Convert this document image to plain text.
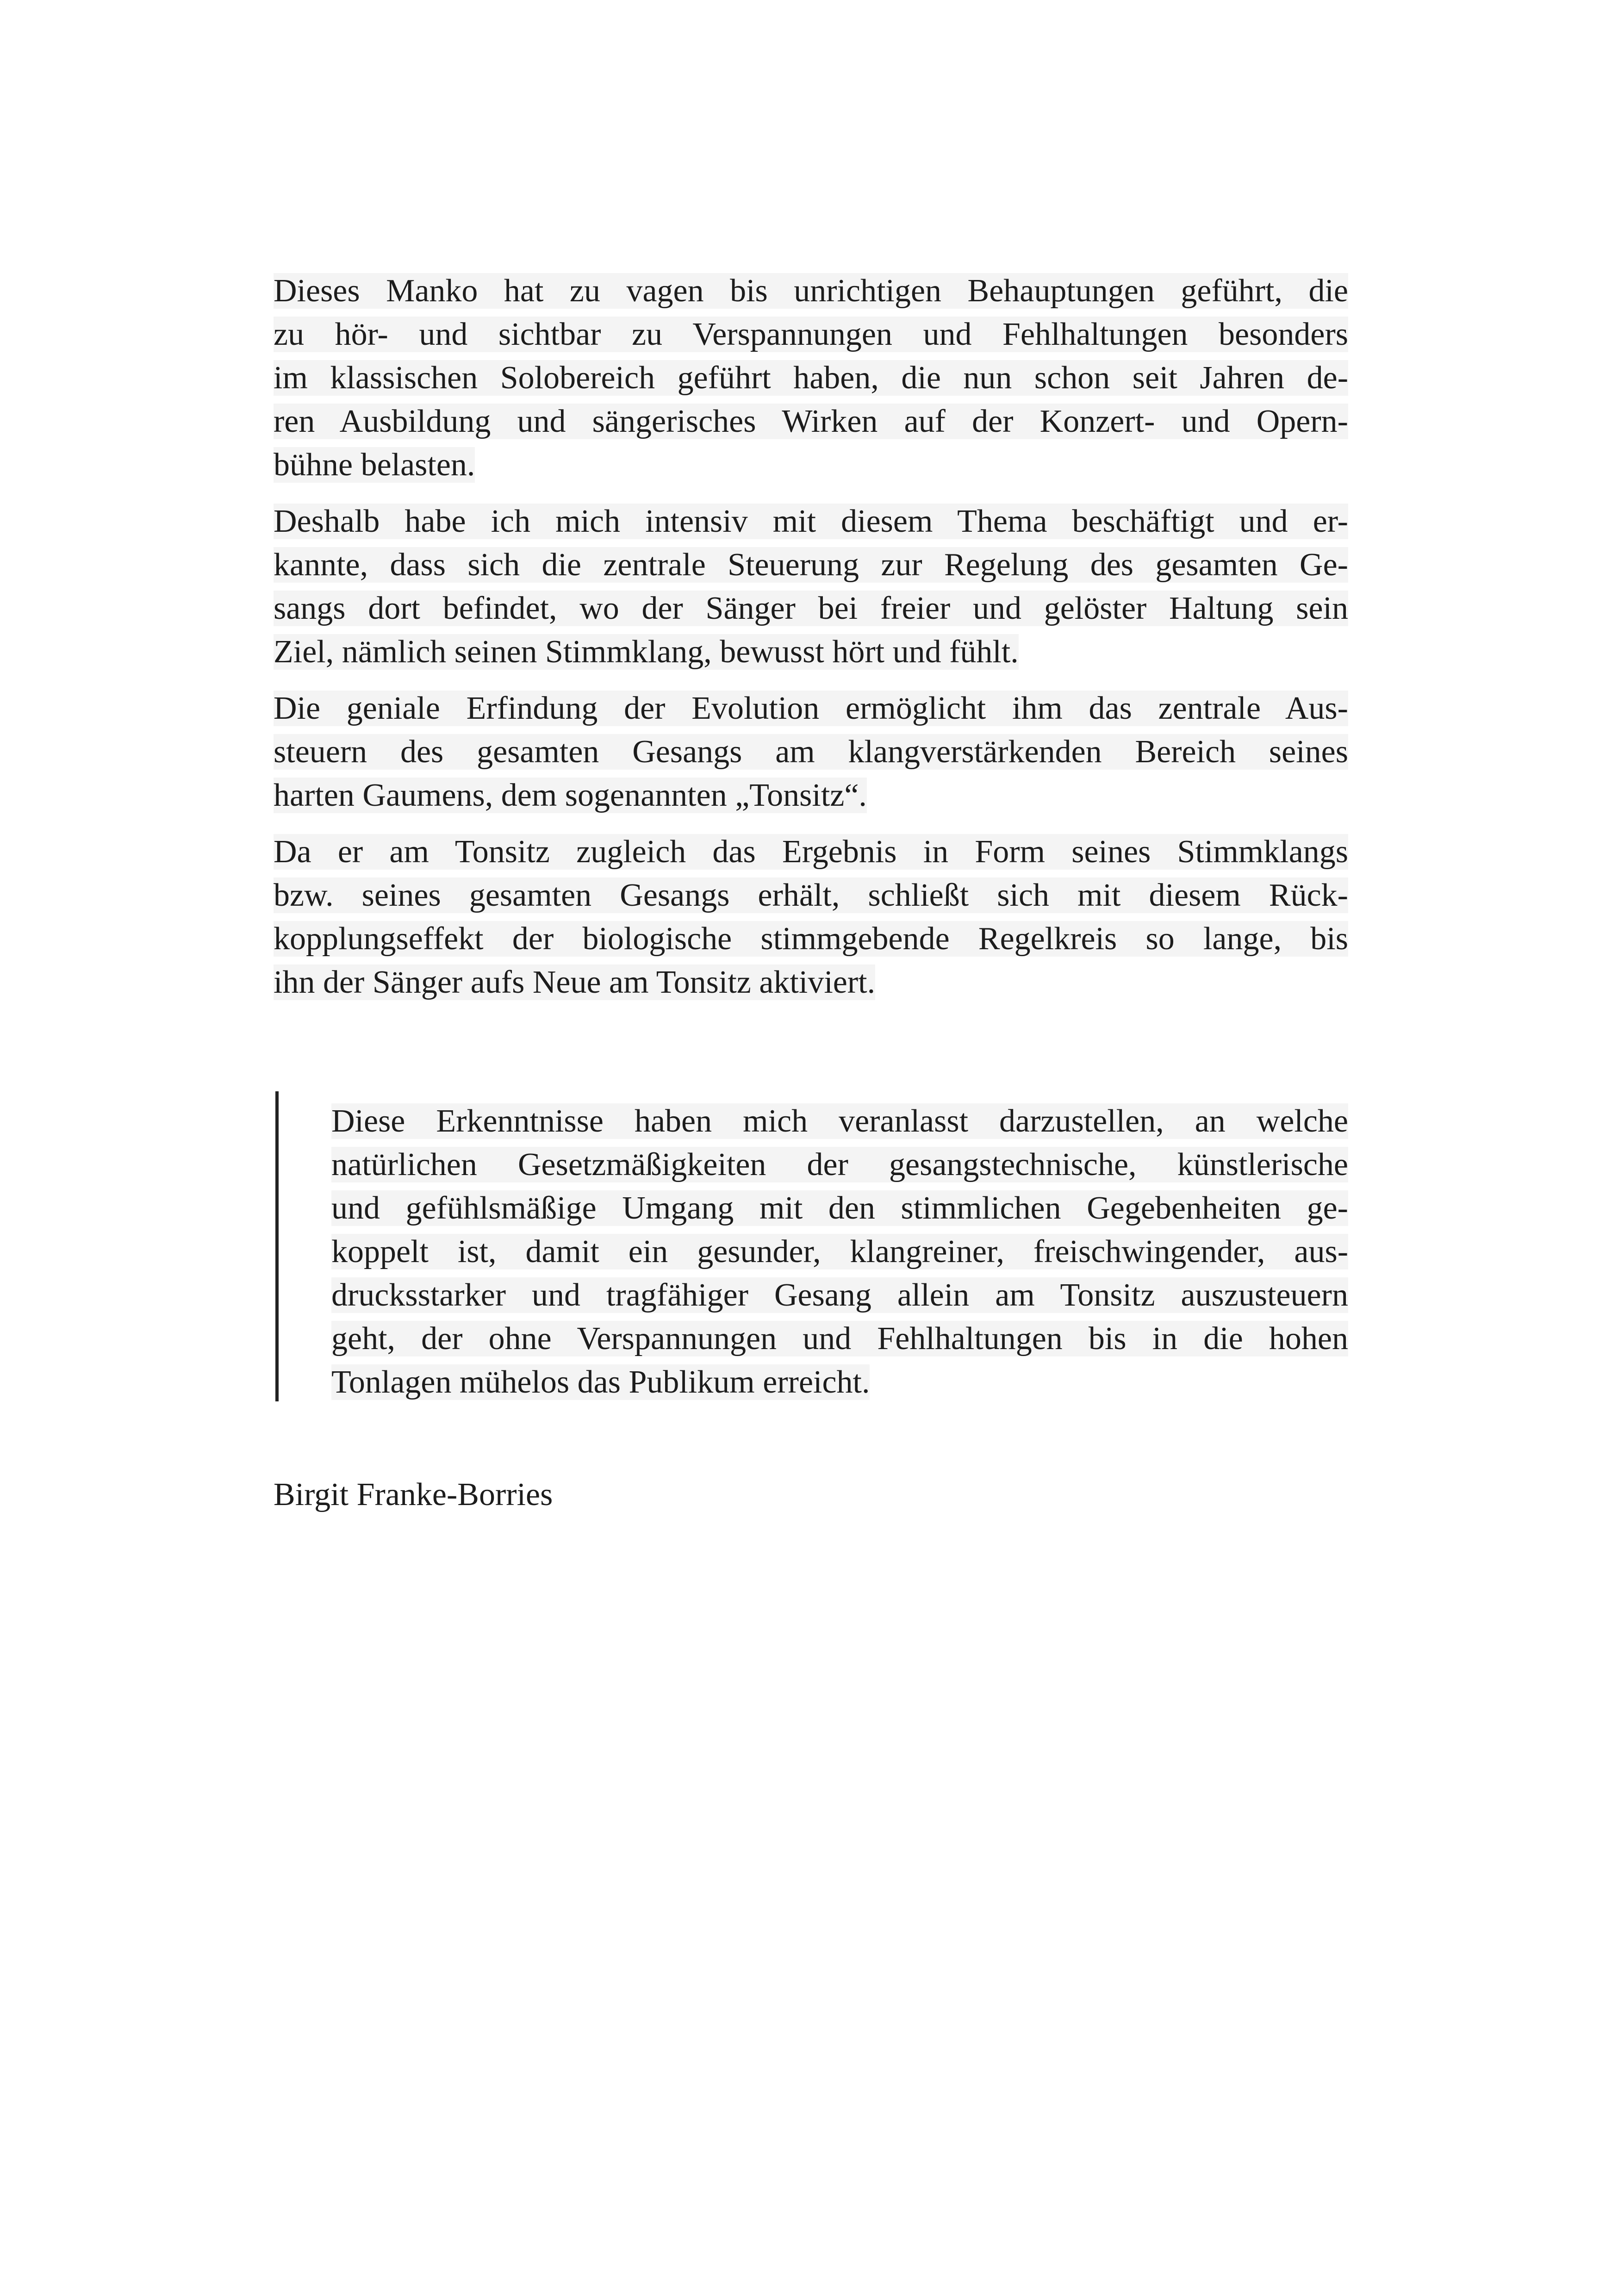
Dieses Manko hat zu vagen bis unrichtigen Behauptungen geführt, die
zu hör- und sichtbar zu Verspannungen und Fehlhaltungen besonders
im klassischen Solobereich geführt haben, die nun schon seit Jahren de-
ren Ausbildung und sängerisches Wirken auf der Konzert- und Opern-
bühne belasten.
Deshalb habe ich mich intensiv mit diesem Thema beschäftigt und er-
kannte, dass sich die zentrale Steuerung zur Regelung des gesamten Ge-
sangs dort befindet, wo der Sänger bei freier und gelöster Haltung sein
Ziel, nämlich seinen Stimmklang, bewusst hört und fühlt.
Die geniale Erfindung der Evolution ermöglicht ihm das zentrale Aus-
steuern des gesamten Gesangs am klangverstärkenden Bereich seines
harten Gaumens, dem sogenannten „Tonsitz“.
Da er am Tonsitz zugleich das Ergebnis in Form seines Stimmklangs
bzw. seines gesamten Gesangs erhält, schließt sich mit diesem Rück-
kopplungseffekt der biologische stimmgebende Regelkreis so lange, bis
ihn der Sänger aufs Neue am Tonsitz aktiviert.
Diese Erkenntnisse haben mich veranlasst darzustellen, an welche
natürlichen Gesetzmäßigkeiten der gesangstechnische, künstlerische
und gefühlsmäßige Umgang mit den stimmlichen Gegebenheiten ge-
koppelt ist, damit ein gesunder, klangreiner, freischwingender, aus-
drucksstarker und tragfähiger Gesang allein am Tonsitz auszusteuern
geht, der ohne Verspannungen und Fehlhaltungen bis in die hohen
Tonlagen mühelos das Publikum erreicht.
Birgit Franke-Borries
